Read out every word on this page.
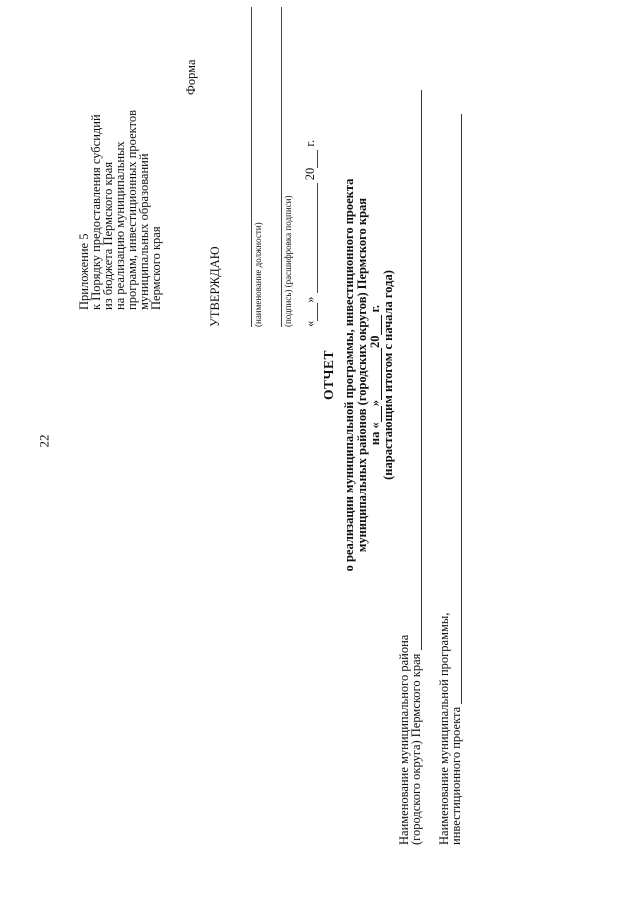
22
Приложение 5
к Порядку предоставления субсидий
из бюджета Пермского края
на реализацию муниципальных
программ, инвестиционных проектов
муниципальных образований
Пермского края
Форма
УТВЕРЖДАЮ	(наименование должности) (подпись) (расшифровка подписи) «»  20 г.
ОТЧЕТ о реализации муниципальной программы, инвестиционного проекта муниципальных районов (городских округов) Пермского края на «»20 г. (нарастающим итогом с начала года)
Наименование муниципального района
(городского округа) Пермского края Наименование муниципальной программы,
инвестиционного проекта
